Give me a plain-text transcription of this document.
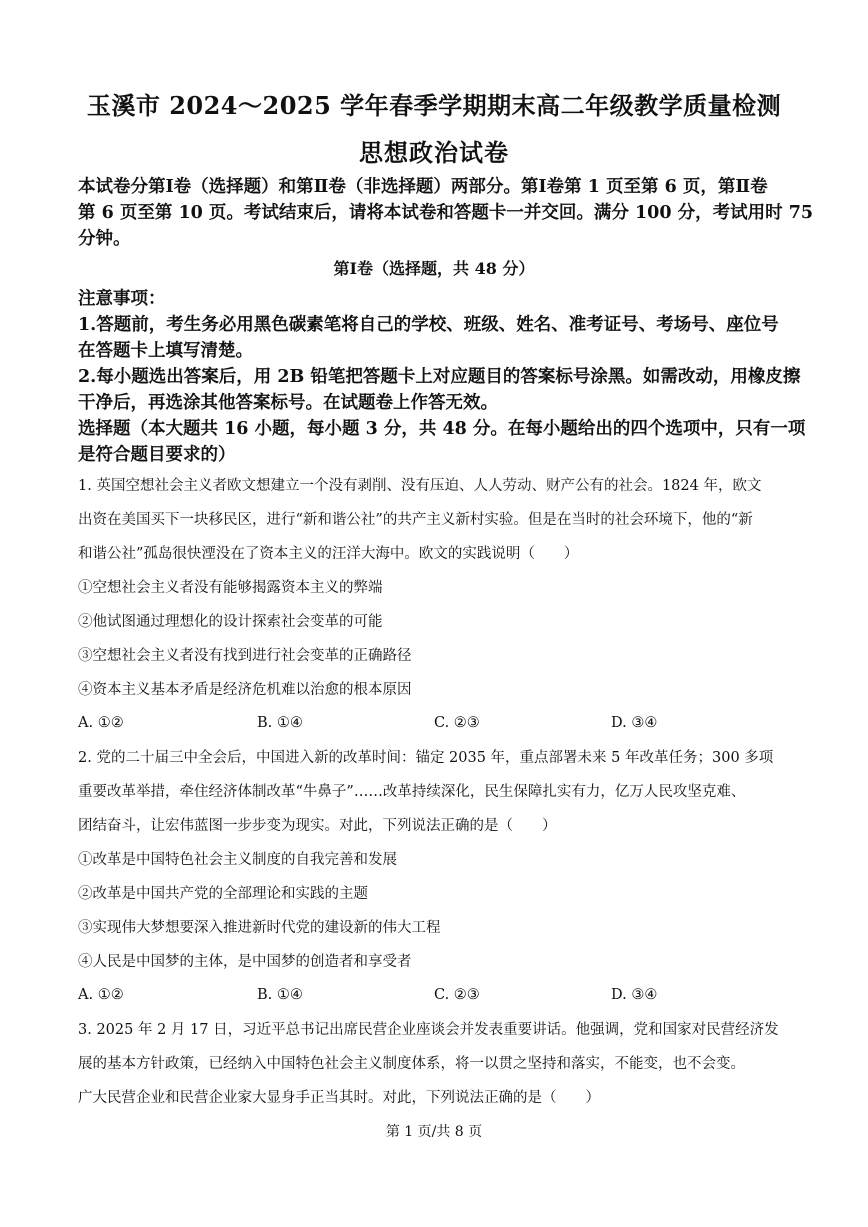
玉溪市 2024～2025 学年春季学期期末高二年级教学质量检测
思想政治试卷
本试卷分第Ⅰ卷（选择题）和第Ⅱ卷（非选择题）两部分。第Ⅰ卷第 1 页至第 6 页，第Ⅱ卷
第 6 页至第 10 页。考试结束后，请将本试卷和答题卡一并交回。满分 100 分，考试用时 75
分钟。
第Ⅰ卷（选择题，共 48 分）
注意事项：
1.答题前，考生务必用黑色碳素笔将自己的学校、班级、姓名、准考证号、考场号、座位号
在答题卡上填写清楚。
2.每小题选出答案后，用 2B 铅笔把答题卡上对应题目的答案标号涂黑。如需改动，用橡皮擦
干净后，再选涂其他答案标号。在试题卷上作答无效。
选择题（本大题共 16 小题，每小题 3 分，共 48 分。在每小题给出的四个选项中，只有一项
是符合题目要求的）
1. 英国空想社会主义者欧文想建立一个没有剥削、没有压迫、人人劳动、财产公有的社会。1824 年，欧文
出资在美国买下一块移民区，进行“新和谐公社”的共产主义新村实验。但是在当时的社会环境下，他的“新
和谐公社”孤岛很快湮没在了资本主义的汪洋大海中。欧文的实践说明（　　）
①空想社会主义者没有能够揭露资本主义的弊端
②他试图通过理想化的设计探索社会变革的可能
③空想社会主义者没有找到进行社会变革的正确路径
④资本主义基本矛盾是经济危机难以治愈的根本原因
A. ①②	B. ①④	C. ②③	D. ③④
2. 党的二十届三中全会后，中国进入新的改革时间：锚定 2035 年，重点部署未来 5 年改革任务；300 多项
重要改革举措，牵住经济体制改革“牛鼻子”……改革持续深化，民生保障扎实有力，亿万人民攻坚克难、
团结奋斗，让宏伟蓝图一步步变为现实。对此，下列说法正确的是（　　）
①改革是中国特色社会主义制度的自我完善和发展
②改革是中国共产党的全部理论和实践的主题
③实现伟大梦想要深入推进新时代党的建设新的伟大工程
④人民是中国梦的主体，是中国梦的创造者和享受者
A. ①②	B. ①④	C. ②③	D. ③④
3. 2025 年 2 月 17 日，习近平总书记出席民营企业座谈会并发表重要讲话。他强调，党和国家对民营经济发
展的基本方针政策，已经纳入中国特色社会主义制度体系，将一以贯之坚持和落实，不能变，也不会变。
广大民营企业和民营企业家大显身手正当其时。对此，下列说法正确的是（　　）
第 1 页/共 8 页
